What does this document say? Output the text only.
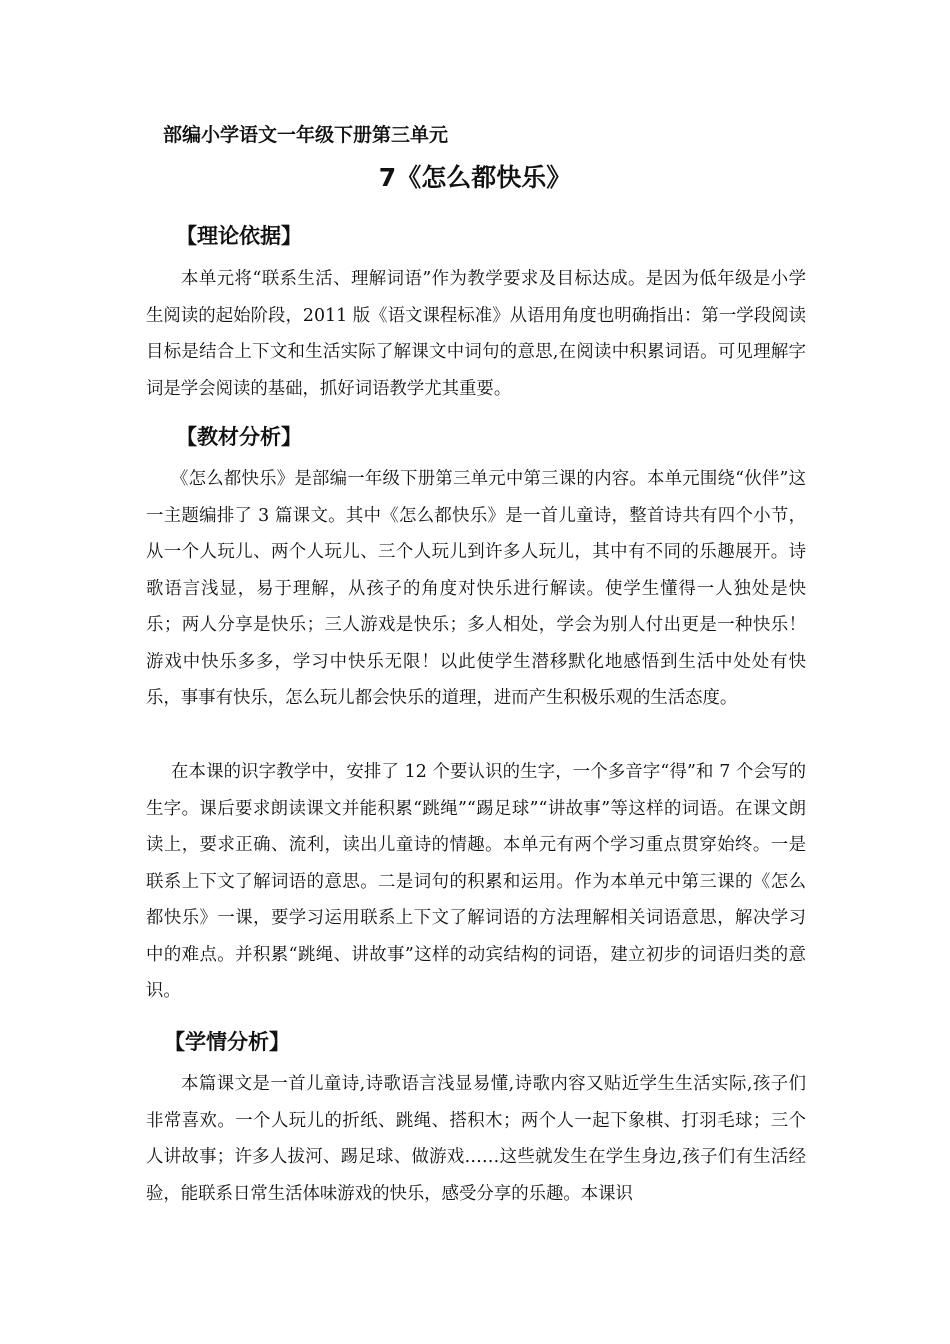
部编小学语文一年级下册第三单元
7《怎么都快乐》
【理论依据】
本单元将“联系生活、理解词语”作为教学要求及目标达成。是因为低年级是小学生阅读的起始阶段，2011 版《语文课程标准》从语用角度也明确指出：第一学段阅读目标是结合上下文和生活实际了解课文中词句的意思,在阅读中积累词语。可见理解字词是学会阅读的基础，抓好词语教学尤其重要。
【教材分析】
《怎么都快乐》是部编一年级下册第三单元中第三课的内容。本单元围绕“伙伴”这一主题编排了 3 篇课文。其中《怎么都快乐》是一首儿童诗，整首诗共有四个小节，从一个人玩儿、两个人玩儿、三个人玩儿到许多人玩儿，其中有不同的乐趣展开。诗歌语言浅显，易于理解，从孩子的角度对快乐进行解读。使学生懂得一人独处是快乐；两人分享是快乐；三人游戏是快乐；多人相处，学会为别人付出更是一种快乐！游戏中快乐多多，学习中快乐无限！以此使学生潜移默化地感悟到生活中处处有快乐，事事有快乐，怎么玩儿都会快乐的道理，进而产生积极乐观的生活态度。
在本课的识字教学中，安排了 12 个要认识的生字，一个多音字“得”和 7 个会写的生字。课后要求朗读课文并能积累“跳绳”“踢足球”“讲故事”等这样的词语。在课文朗读上，要求正确、流利，读出儿童诗的情趣。本单元有两个学习重点贯穿始终。一是联系上下文了解词语的意思。二是词句的积累和运用。作为本单元中第三课的《怎么都快乐》一课，要学习运用联系上下文了解词语的方法理解相关词语意思，解决学习中的难点。并积累“跳绳、讲故事”这样的动宾结构的词语，建立初步的词语归类的意识。
【学情分析】
本篇课文是一首儿童诗,诗歌语言浅显易懂,诗歌内容又贴近学生生活实际,孩子们非常喜欢。一个人玩儿的折纸、跳绳、搭积木；两个人一起下象棋、打羽毛球；三个人讲故事；许多人拔河、踢足球、做游戏……这些就发生在学生身边,孩子们有生活经验，能联系日常生活体味游戏的快乐，感受分享的乐趣。本课识
